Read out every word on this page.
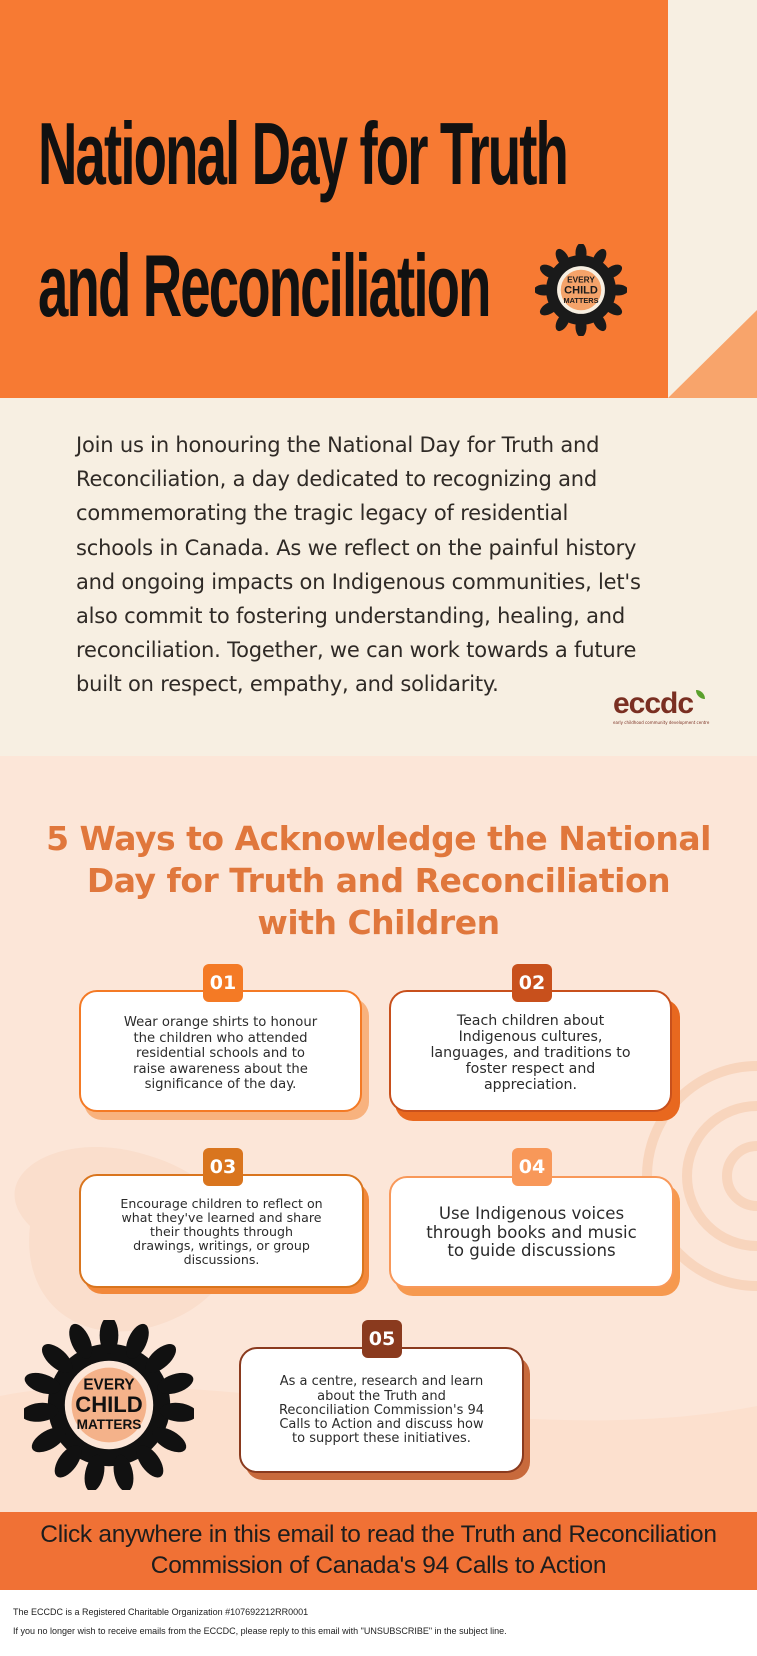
National Day for Truth
and Reconciliation	EVERY
CHILD
MATTERS

Join us in honouring the National Day for Truth and
Reconciliation, a day dedicated to recognizing and
commemorating the tragic legacy of residential
schools in Canada. As we reflect on the painful history
and ongoing impacts on Indigenous communities, let's
also commit to fostering understanding, healing, and
reconciliation. Together, we can work towards a future
built on respect, empathy, and solidarity.

eccdc
early childhood community development centre
5 Ways to Acknowledge the National
Day for Truth and Reconciliation
with Children
Wear orange shirts to honour
the children who attended
residential schools and to
raise awareness about the
significance of the day.
01
Teach children about
Indigenous cultures,
languages, and traditions to
foster respect and
appreciation.
02
Encourage children to reflect on
what they've learned and share
their thoughts through
drawings, writings, or group
discussions.
03
Use Indigenous voices
through books and music
to guide discussions
04
As a centre, research and learn
about the Truth and
Reconciliation Commission's 94
Calls to Action and discuss how
to support these initiatives.
05
EVERY
CHILD
MATTERS

Click anywhere in this email to read the Truth and Reconciliation
Commission of Canada's 94 Calls to Action

The ECCDC is a Registered Charitable Organization #107692212RR0001

If you no longer wish to receive emails from the ECCDC, please reply to this email with "UNSUBSCRIBE" in the subject line.
